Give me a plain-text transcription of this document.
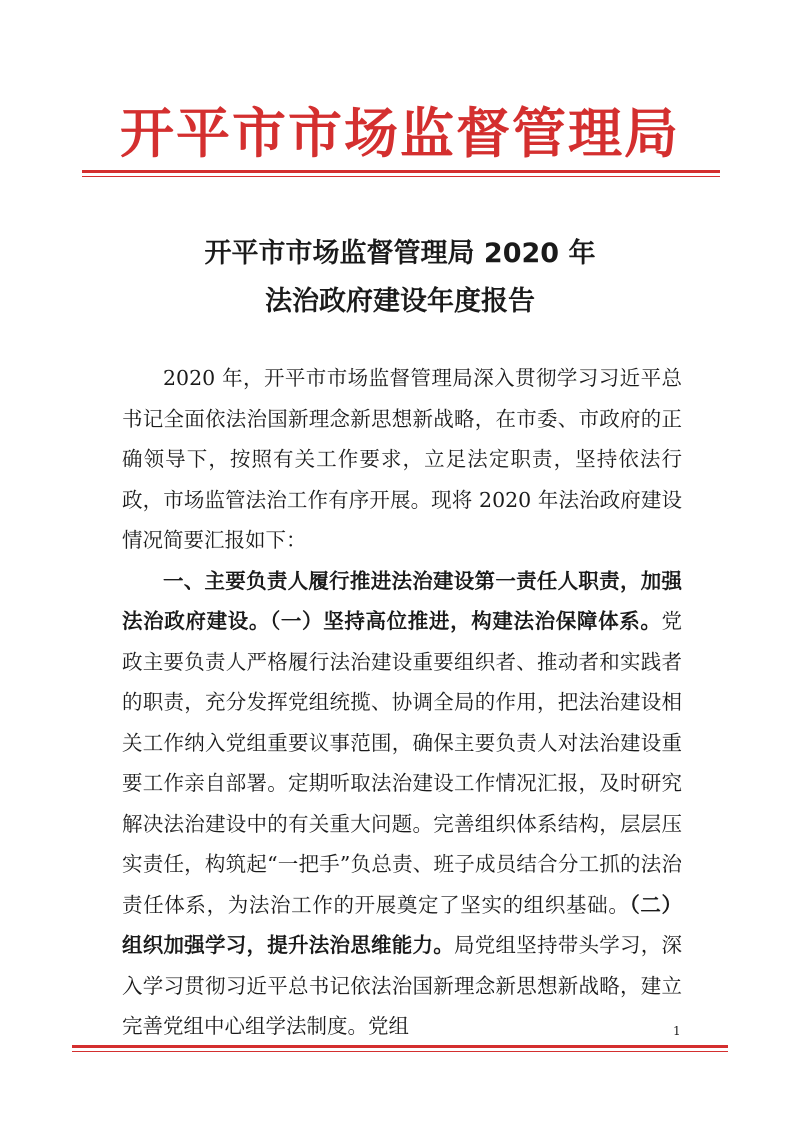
开平市市场监督管理局
开平市市场监督管理局 2020 年
法治政府建设年度报告

2020 年，开平市市场监督管理局深入贯彻学习习近平总书记全面依法治国新理念新思想新战略，在市委、市政府的正确领导下，按照有关工作要求，立足法定职责，坚持依法行政，市场监管法治工作有序开展。现将 2020 年法治政府建设情况简要汇报如下：

一、主要负责人履行推进法治建设第一责任人职责，加强法治政府建设。（一）坚持高位推进，构建法治保障体系。党政主要负责人严格履行法治建设重要组织者、推动者和实践者的职责，充分发挥党组统揽、协调全局的作用，把法治建设相关工作纳入党组重要议事范围，确保主要负责人对法治建设重要工作亲自部署。定期听取法治建设工作情况汇报，及时研究解决法治建设中的有关重大问题。完善组织体系结构，层层压实责任，构筑起“一把手”负总责、班子成员结合分工抓的法治责任体系，为法治工作的开展奠定了坚实的组织基础。（二）组织加强学习，提升法治思维能力。局党组坚持带头学习，深入学习贯彻习近平总书记依法治国新理念新思想新战略，建立完善党组中心组学法制度。党组	1
